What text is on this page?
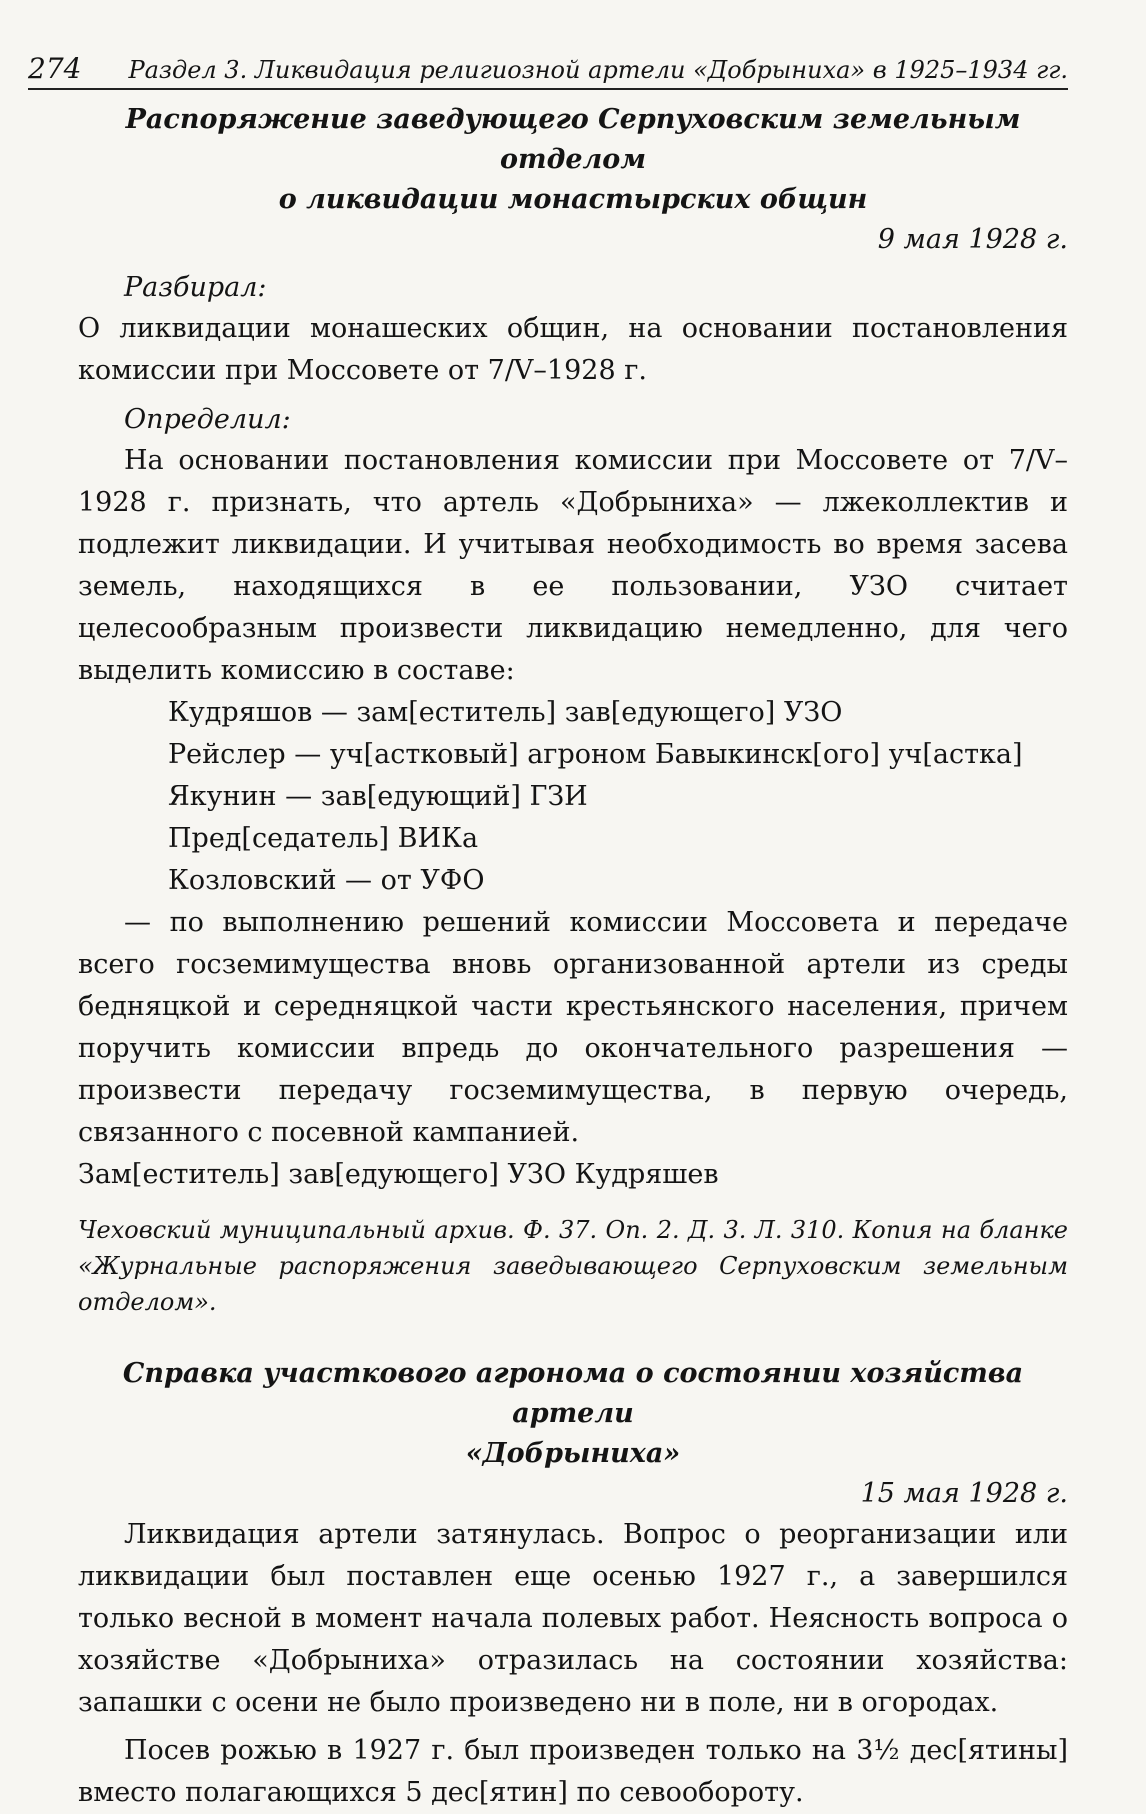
274 Раздел 3. Ликвидация религиозной артели «Добрыниха» в 1925–1934 гг.

Распоряжение заведующего Серпуховским земельным отделом
о ликвидации монастырских общин

9 мая 1928 г.

Разбирал:

О ликвидации монашеских общин, на основании постановления комиссии при Моссовете от 7/V–1928 г.

Определил:

На основании постановления комиссии при Моссовете от 7/V–1928 г. признать, что артель «Добрыниха» — лжеколлектив и подлежит ликвидации. И учитывая необходимость во время засева земель, находящихся в ее пользовании, УЗО считает целесообразным произвести ликвидацию немедленно, для чего выделить комиссию в составе:

Кудряшов — зам[еститель] зав[едующего] УЗО
Рейслер — уч[астковый] агроном Бавыкинск[ого] уч[астка]
Якунин — зав[едующий] ГЗИ
Пред[седатель] ВИКа
Козловский — от УФО

— по выполнению решений комиссии Моссовета и передаче всего госземимущества вновь организованной артели из среды бедняцкой и середняцкой части крестьянского населения, причем поручить комиссии впредь до окончательного разрешения — произвести передачу госземимущества, в первую очередь, связанного с посевной кампанией.

Зам[еститель] зав[едующего] УЗО Кудряшев

Чеховский муниципальный архив. Ф. 37. Оп. 2. Д. 3. Л. 310. Копия на бланке «Журнальные распоряжения заведывающего Серпуховским земельным отделом».

Справка участкового агронома о состоянии хозяйства артели
«Добрыниха»

15 мая 1928 г.

Ликвидация артели затянулась. Вопрос о реорганизации или ликвидации был поставлен еще осенью 1927 г., а завершился только весной в момент начала полевых работ. Неясность вопроса о хозяйстве «Добрыниха» отразилась на состоянии хозяйства: запашки с осени не было произведено ни в поле, ни в огородах.

Посев рожью в 1927 г. был произведен только на 3½ дес[ятины] вместо полагающихся 5 дес[ятин] по севообороту.
